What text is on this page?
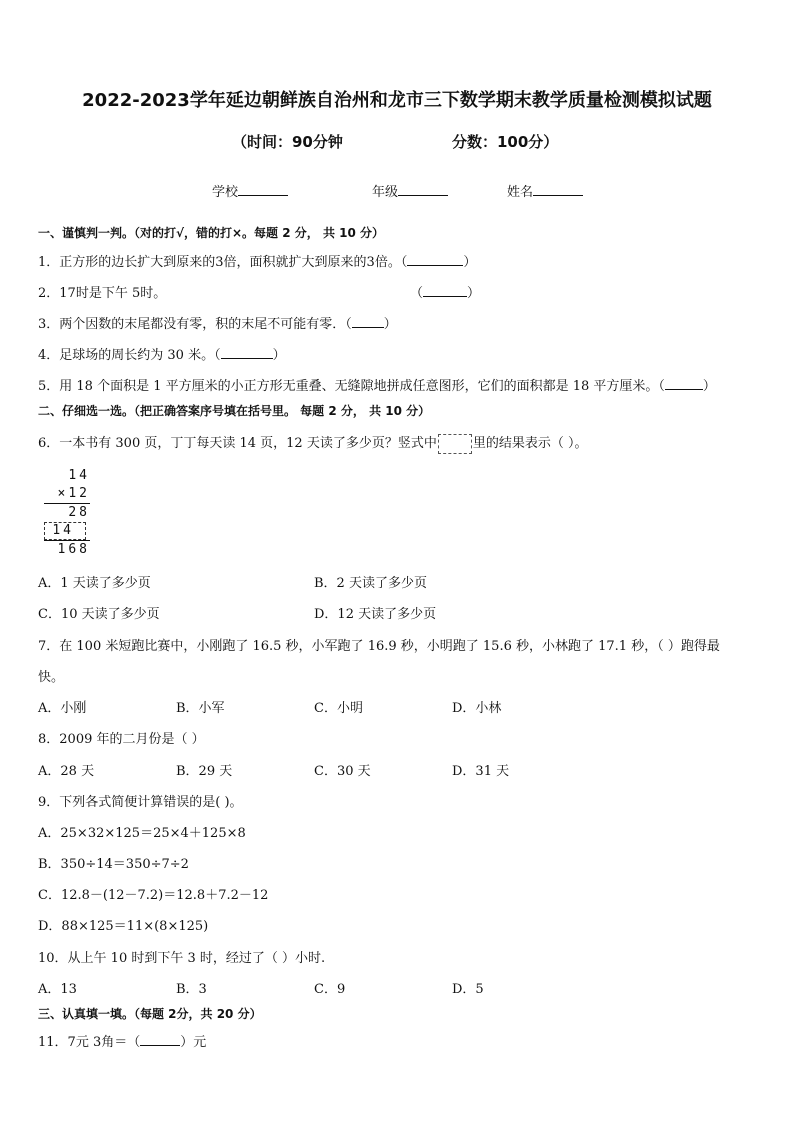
2022-2023学年延边朝鲜族自治州和龙市三下数学期末教学质量检测模拟试题
（时间：90分钟	分数：100分）
学校	年级	姓名
一、谨慎判一判。（对的打√，错的打×。每题 2 分， 共 10 分）
1．正方形的边长扩大到原来的3倍，面积就扩大到原来的3倍。（	）
2．17时是下午 5时。	（	）
3．两个因数的末尾都没有零，积的末尾不可能有零．（ ）
4．足球场的周长约为 30 米。（	）
5．用 18 个面积是 1 平方厘米的小正方形无重叠、无缝隙地拼成任意图形，它们的面积都是 18 平方厘米。（	）
二、仔细选一选。（把正确答案序号填在括号里。 每题 2 分， 共 10 分）
6．一本书有 300 页，丁丁每天读 14 页，12 天读了多少页？竖式中	里的结果表示（ ）。
14
×12
28
14
168
A．1 天读了多少页	B．2 天读了多少页
C．10 天读了多少页	D．12 天读了多少页
7．在 100 米短跑比赛中，小刚跑了 16.5 秒，小军跑了 16.9 秒，小明跑了 15.6 秒，小林跑了 17.1 秒，（ ）跑得最
快。
A．小刚	B．小军	C．小明	D．小林
8．2009 年的二月份是（ ）
A．28 天	B．29 天	C．30 天	D．31 天
9．下列各式简便计算错误的是( )。
A．25×32×125＝25×4＋125×8
B．350÷14＝350÷7÷2
C．12.8－(12－7.2)＝12.8＋7.2－12
D．88×125＝11×(8×125)
10．从上午 10 时到下午 3 时，经过了（ ）小时.
A．13	B．3	C．9	D．5
三、认真填一填。（每题 2分，共 20 分）
11．7元 3角＝（	）元
